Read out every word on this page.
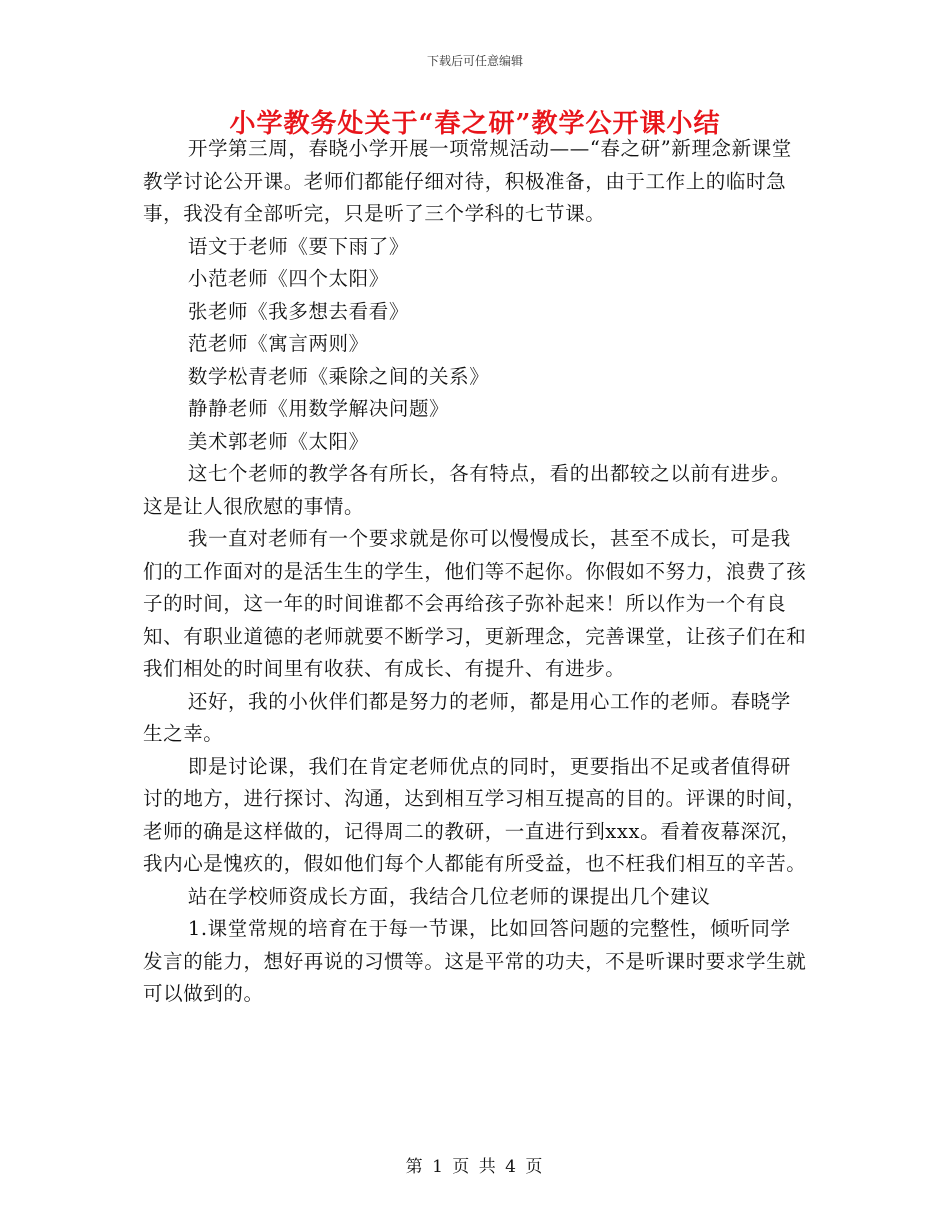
下载后可任意编辑
小学教务处关于“春之研”教学公开课小结

开学第三周，春晓小学开展一项常规活动——“春之研”新理念新课堂教学讨论公开课。老师们都能仔细对待，积极准备，由于工作上的临时急事，我没有全部听完，只是听了三个学科的七节课。

语文于老师《要下雨了》

小范老师《四个太阳》

张老师《我多想去看看》

范老师《寓言两则》

数学松青老师《乘除之间的关系》

静静老师《用数学解决问题》

美术郭老师《太阳》

这七个老师的教学各有所长，各有特点，看的出都较之以前有进步。这是让人很欣慰的事情。

我一直对老师有一个要求就是你可以慢慢成长，甚至不成长，可是我们的工作面对的是活生生的学生，他们等不起你。你假如不努力，浪费了孩子的时间，这一年的时间谁都不会再给孩子弥补起来！所以作为一个有良知、有职业道德的老师就要不断学习，更新理念，完善课堂，让孩子们在和我们相处的时间里有收获、有成长、有提升、有进步。

还好，我的小伙伴们都是努力的老师，都是用心工作的老师。春晓学生之幸。

即是讨论课，我们在肯定老师优点的同时，更要指出不足或者值得研讨的地方，进行探讨、沟通，达到相互学习相互提高的目的。评课的时间，老师的确是这样做的，记得周二的教研，一直进行到xxx。看着夜幕深沉，我内心是愧疚的，假如他们每个人都能有所受益，也不枉我们相互的辛苦。

站在学校师资成长方面，我结合几位老师的课提出几个建议

1.课堂常规的培育在于每一节课，比如回答问题的完整性，倾听同学发言的能力，想好再说的习惯等。这是平常的功夫，不是听课时要求学生就可以做到的。

第 1 页 共 4 页
